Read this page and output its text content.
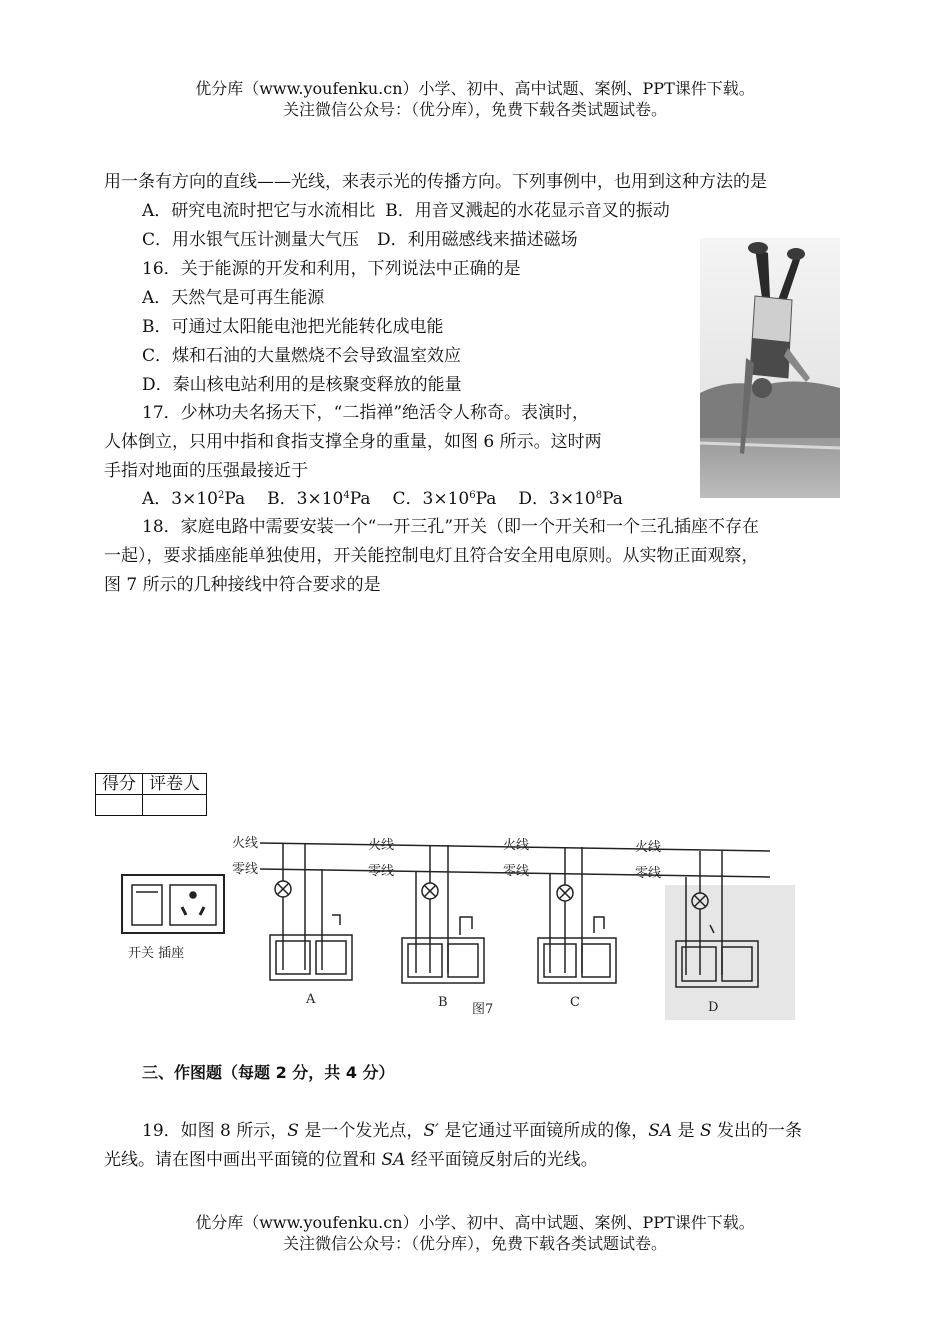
优分库（www.youfenku.cn）小学、初中、高中试题、案例、PPT课件下载。
关注微信公众号：（优分库），免费下载各类试题试卷。
用一条有方向的直线——光线，来表示光的传播方向。下列事例中，也用到这种方法的是
A．研究电流时把它与水流相比 B．用音叉溅起的水花显示音叉的振动
C．用水银气压计测量大气压 D．利用磁感线来描述磁场
16．关于能源的开发和利用，下列说法中正确的是
A．天然气是可再生能源
B．可通过太阳能电池把光能转化成电能
C．煤和石油的大量燃烧不会导致温室效应
D．秦山核电站利用的是核聚变释放的能量
17．少林功夫名扬天下，“二指禅”绝活令人称奇。表演时，
人体倒立，只用中指和食指支撑全身的重量，如图 6 所示。这时两
手指对地面的压强最接近于
A．$3\times 10^2Pa$ B．$3\times 10^4Pa$ C．$3\times 10^6Pa$ D．$3\times 10^8Pa$
18．家庭电路中需要安装一个“一开三孔”开关（即一个开关和一个三孔插座不存在
一起），要求插座能单独使用，开关能控制电灯且符合安全用电原则。从实物正面观察，
图 7 所示的几种接线中符合要求的是
得分	评卷人

火线
零线
火线
零线
火线
零线
火线
零线
开关 插座
A	B	C	D
图7
三、作图题（每题 2 分，共 4 分）
19．如图 8 所示，S 是一个发光点，S′ 是它通过平面镜所成的像，SA 是 S 发出的一条
光线。请在图中画出平面镜的位置和 SA 经平面镜反射后的光线。
优分库（www.youfenku.cn）小学、初中、高中试题、案例、PPT课件下载。
关注微信公众号：（优分库），免费下载各类试题试卷。
